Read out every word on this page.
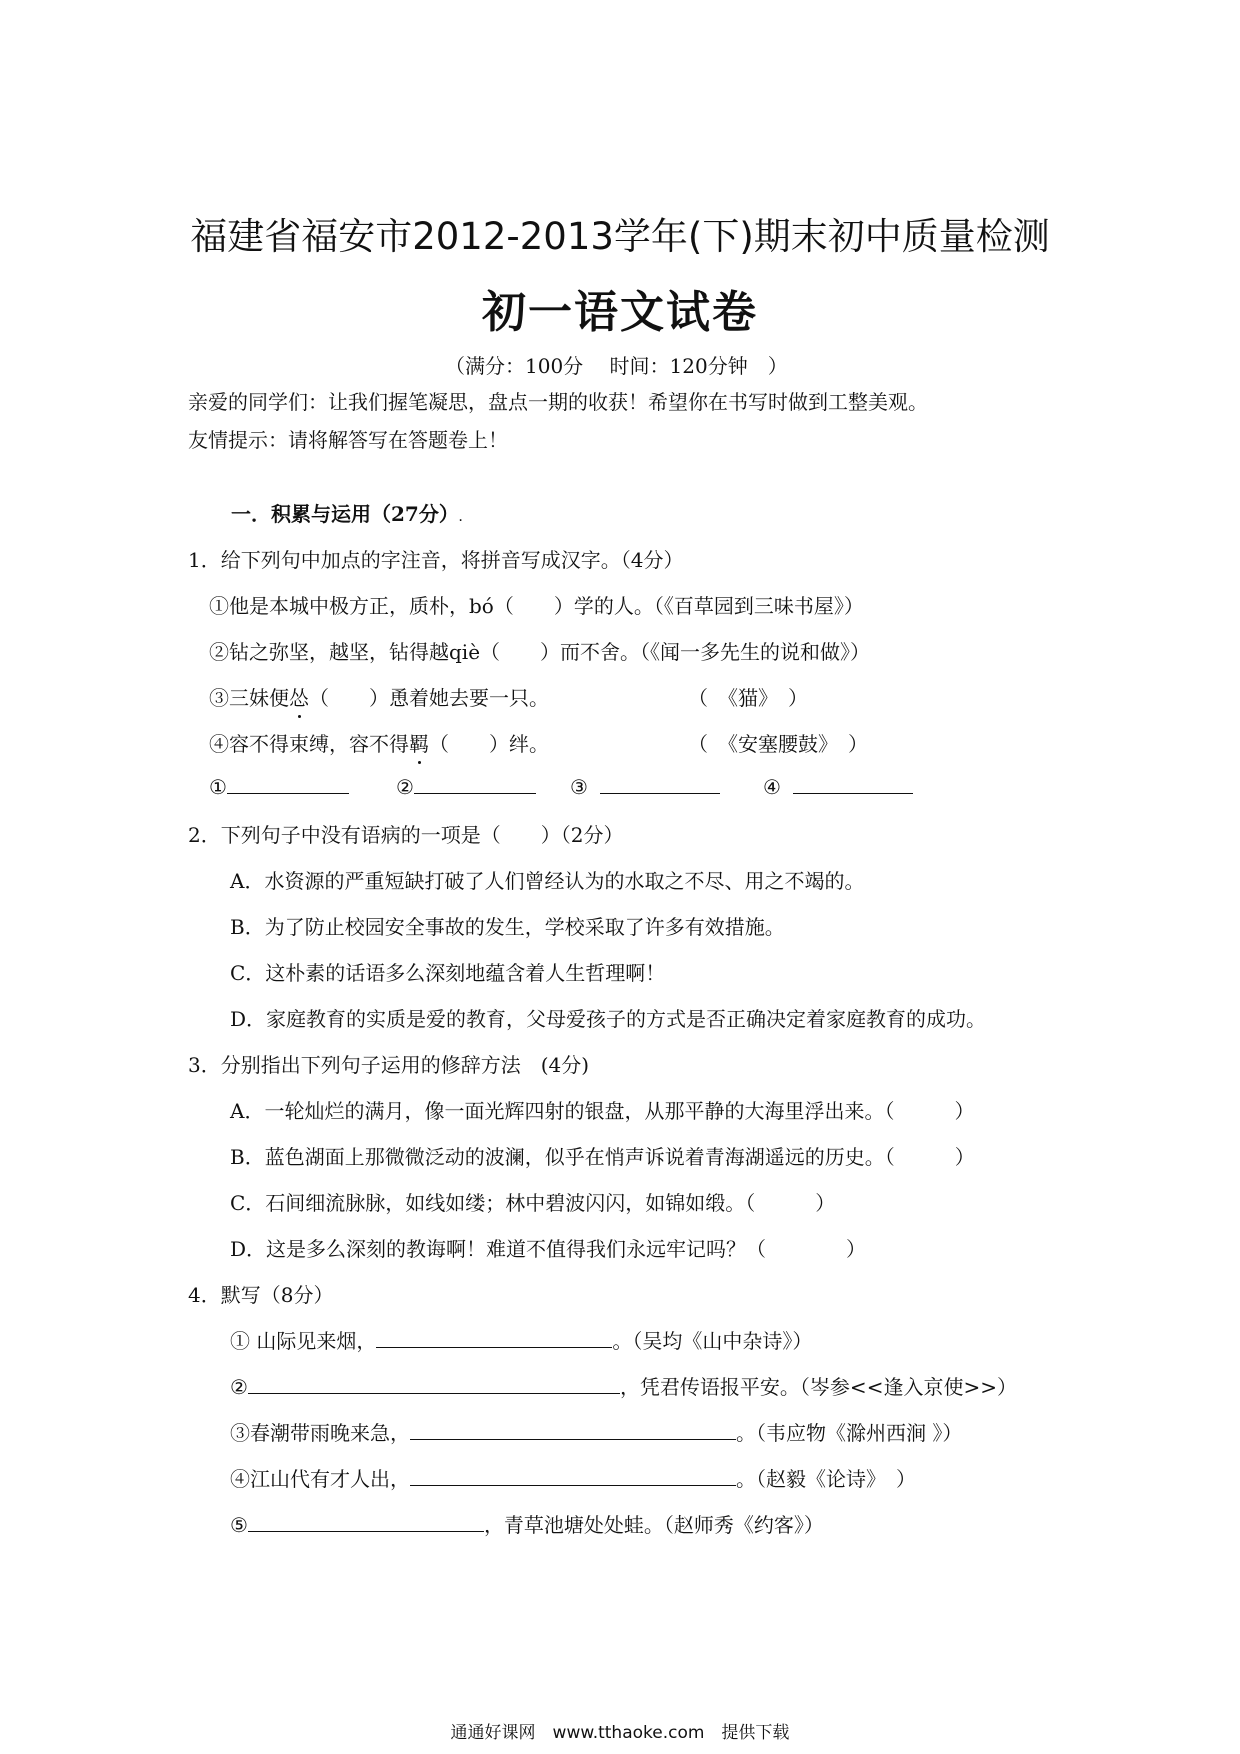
福建省福安市2012-2013学年(下)期末初中质量检测
初一语文试卷
（满分：100分　 时间：120分钟　）
亲爱的同学们：让我们握笔凝思，盘点一期的收获！希望你在书写时做到工整美观。
友情提示：请将解答写在答题卷上！
一．积累与运用（27分）.
1．给下列句中加点的字注音，将拼音写成汉字。（4分）
①他是本城中极方正，质朴，bó（　　）学的人。（《百草园到三味书屋》）
②钻之弥坚，越坚，钻得越qiè（　　）而不舍。（《闻一多先生的说和做》）
③三妹便怂（　　）恿着她去要一只。	（　《猫》　）
④容不得束缚，容不得羁（　　）绊。	（　《安塞腰鼓》　）
①	②	③	④
2．下列句子中没有语病的一项是（　　）（2分）
A．水资源的严重短缺打破了人们曾经认为的水取之不尽、用之不竭的。
B．为了防止校园安全事故的发生，学校采取了许多有效措施。
C．这朴素的话语多么深刻地蕴含着人生哲理啊！
D．家庭教育的实质是爱的教育，父母爱孩子的方式是否正确决定着家庭教育的成功。
3．分别指出下列句子运用的修辞方法　(4分)
A．一轮灿烂的满月，像一面光辉四射的银盘，从那平静的大海里浮出来。（　　　）
B．蓝色湖面上那微微泛动的波澜，似乎在悄声诉说着青海湖遥远的历史。（　　　）
C．石间细流脉脉，如线如缕；林中碧波闪闪，如锦如缎。（　　　）
D．这是多么深刻的教诲啊！难道不值得我们永远牢记吗？（　　　　）
4．默写（8分）
① 山际见来烟，	。（吴均《山中杂诗》）
②	，凭君传语报平安。（岑参<<逢入京使>>）
③春潮带雨晚来急，	。（韦应物《滁州西涧 》）
④江山代有才人出，	。（赵毅《论诗》　）
⑤	，青草池塘处处蛙。（赵师秀《约客》）
通通好课网　www.tthaoke.com　提供下载
